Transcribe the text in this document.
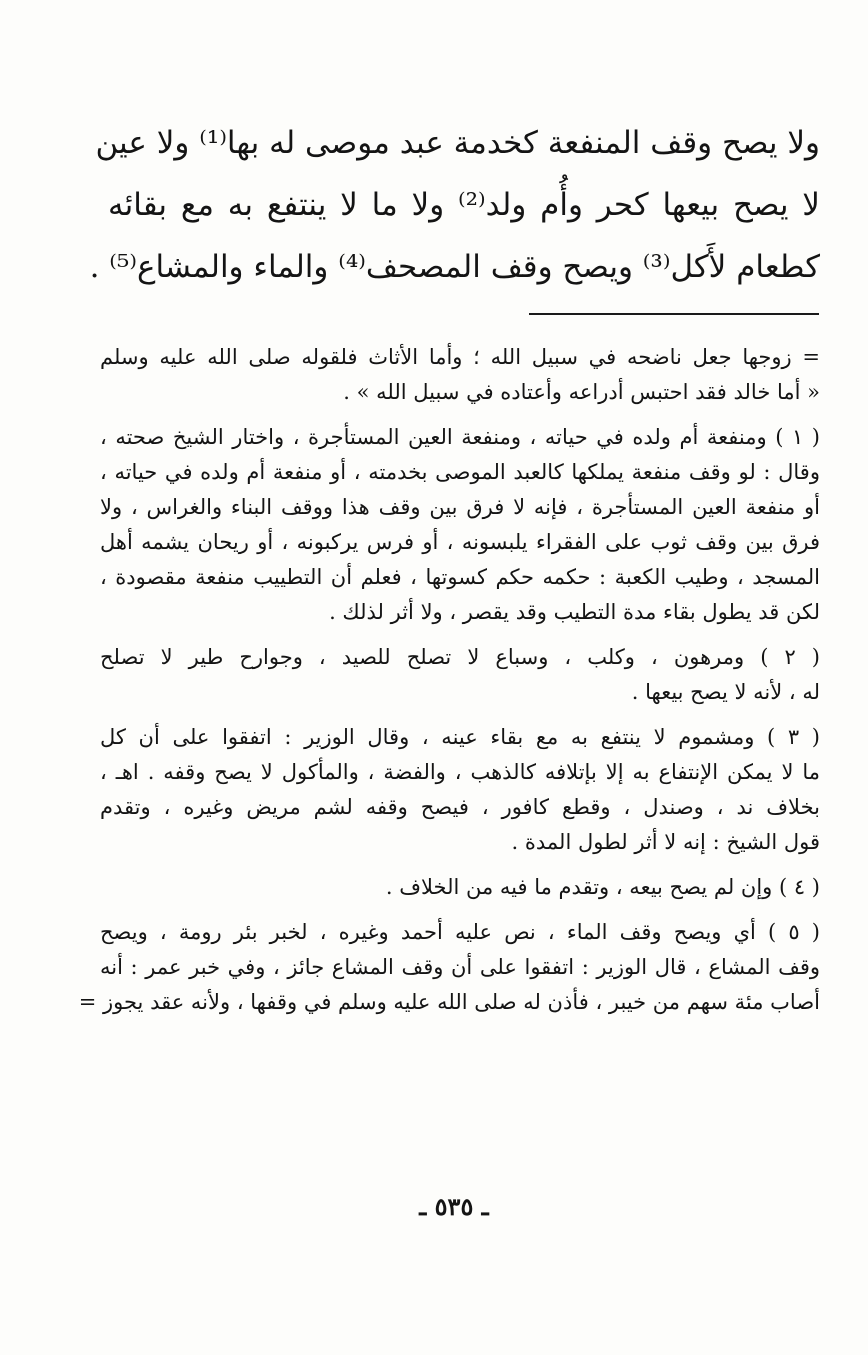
ولا يصح وقف المنفعة كخدمة عبد موصى له بها⁽¹⁾ ولا عين
لا يصح بيعها كحر وأُم ولد⁽²⁾ ولا ما لا ينتفع به مع بقائه
كطعام لأَكل⁽³⁾ ويصح وقف المصحف⁽⁴⁾ والماء والمشاع⁽⁵⁾ .
= زوجها جعل ناضحه في سبيل الله ؛ وأما الأثاث فلقوله صلى الله عليه وسلم
« أما خالد فقد احتبس أدراعه وأعتاده في سبيل الله » .
( ١ ) ومنفعة أم ولده في حياته ، ومنفعة العين المستأجرة ، واختار الشيخ صحته ،
وقال : لو وقف منفعة يملكها كالعبد الموصى بخدمته ، أو منفعة أم ولده في حياته ،
أو منفعة العين المستأجرة ، فإنه لا فرق بين وقف هذا ووقف البناء والغراس ، ولا
فرق بين وقف ثوب على الفقراء يلبسونه ، أو فرس يركبونه ، أو ريحان يشمه أهل
المسجد ، وطيب الكعبة : حكمه حكم كسوتها ، فعلم أن التطييب منفعة مقصودة ،
لكن قد يطول بقاء مدة التطيب وقد يقصر ، ولا أثر لذلك .
( ٢ ) ومرهون ، وكلب ، وسباع لا تصلح للصيد ، وجوارح طير لا تصلح
له ، لأنه لا يصح بيعها .
( ٣ ) ومشموم لا ينتفع به مع بقاء عينه ، وقال الوزير : اتفقوا على أن كل
ما لا يمكن الإنتفاع به إلا بإتلافه كالذهب ، والفضة ، والمأكول لا يصح وقفه . اهـ ،
بخلاف ند ، وصندل ، وقطع كافور ، فيصح وقفه لشم مريض وغيره ، وتقدم
قول الشيخ : إنه لا أثر لطول المدة .
( ٤ ) وإن لم يصح بيعه ، وتقدم ما فيه من الخلاف .
( ٥ ) أي ويصح وقف الماء ، نص عليه أحمد وغيره ، لخبر بئر رومة ، ويصح
وقف المشاع ، قال الوزير : اتفقوا على أن وقف المشاع جائز ، وفي خبر عمر : أنه
أصاب مئة سهم من خيبر ، فأذن له صلى الله عليه وسلم في وقفها ، ولأنه عقد يجوز =
ـ ٥٣٥ ـ
